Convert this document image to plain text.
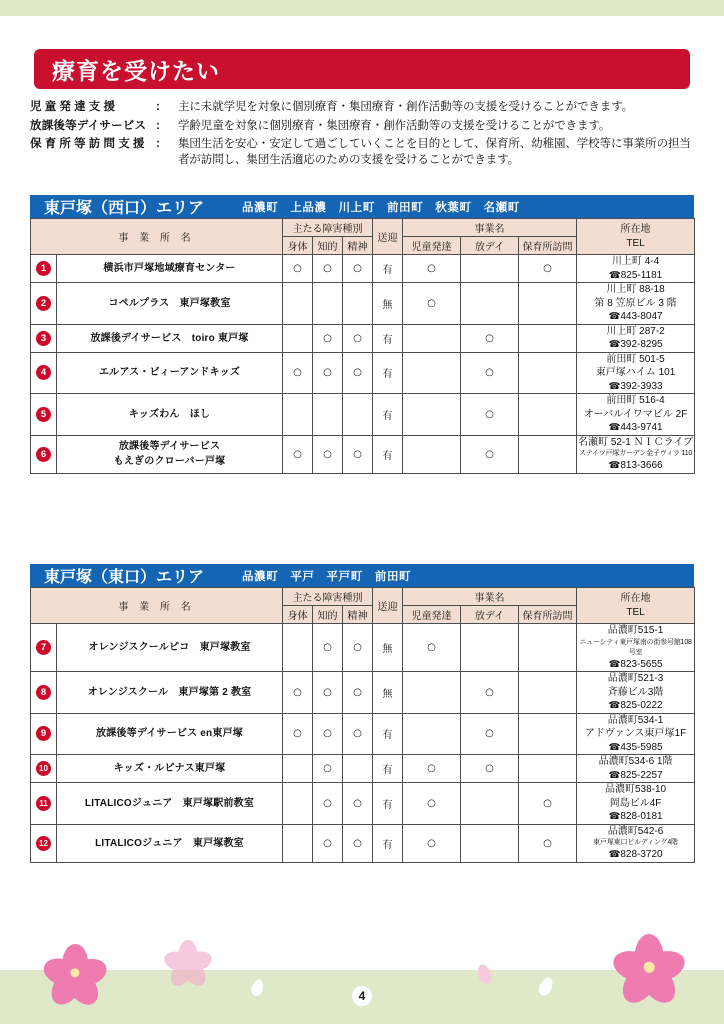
療育を受けたい
児童発達支援	:	主に未就学児を対象に個別療育・集団療育・創作活動等の支援を受けることができます。
放課後等デイサービス :	学齢児童を対象に個別療育・集団療育・創作活動等の支援を受けることができます。
保育所等訪問支援 :	集団生活を安心・安定して過ごしていくことを目的として、保育所、幼稚園、学校等に事業所の担当者が訪問し、集団生活適応のための支援を受けることができます。
東戸塚（西口）エリア	品濃町 上品濃 川上町 前田町 秋葉町 名瀬町
事 業 所 名		主たる障害種別			送迎	事業名			所在地
TEL
		身体	知的	精神		児童発達	放デイ	保育所訪問	
1	横浜市戸塚地域療育センター	○	○	○	有	○		○	川上町 4-4
☎825-1181

2	コペルプラス　東戸塚教室				無	○			川上町 88-18
第 8 笠原ビル 3 階
☎443-8047

3	放課後デイサービス　toiro 東戸塚		○	○	有		○		川上町 287-2
☎392-8295

4	エルアス・ビィーアンドキッズ	○	○	○	有		○		前田町 501-5
東戸塚ハイム 101
☎392-3933

5	キッズわん　ほし				有		○		前田町 516-4
オーバルイワマビル 2F
☎443-9741

6	放課後等デイサービス
もえぎのクローバー戸塚	○	○	○	有		○		名瀬町 52-1 ＮＩＣライブ
ステイツ戸塚ガーデン金子ヴィラ 110
☎813-3666
東戸塚（東口）エリア	品濃町 平戸 平戸町 前田町
事 業 所 名		主たる障害種別			送迎	事業名			所在地
TEL
		身体	知的	精神		児童発達	放デイ	保育所訪問	
7	オレンジスクールピコ　東戸塚教室		○	○	無	○			品濃町515-1
ニューシティ東戸塚南の街参号館108号室
☎823-5655

8	オレンジスクール　東戸塚第 2 教室	○	○	○	無		○		品濃町521-3
斉藤ビル3階
☎825-0222

9	放課後等デイサービス en東戸塚	○	○	○	有		○		品濃町534-1
アドヴァンス東戸塚1F
☎435-5985

10	キッズ・ルピナス東戸塚		○		有	○	○		品濃町534-6 1階
☎825-2257

11	LITALICOジュニア　東戸塚駅前教室		○	○	有	○		○	品濃町538-10
岡島ビル4F
☎828-0181

12	LITALICOジュニア　東戸塚教室		○	○	有	○		○	品濃町542-6
東戸塚東口ビルディング4階
☎828-3720
4
